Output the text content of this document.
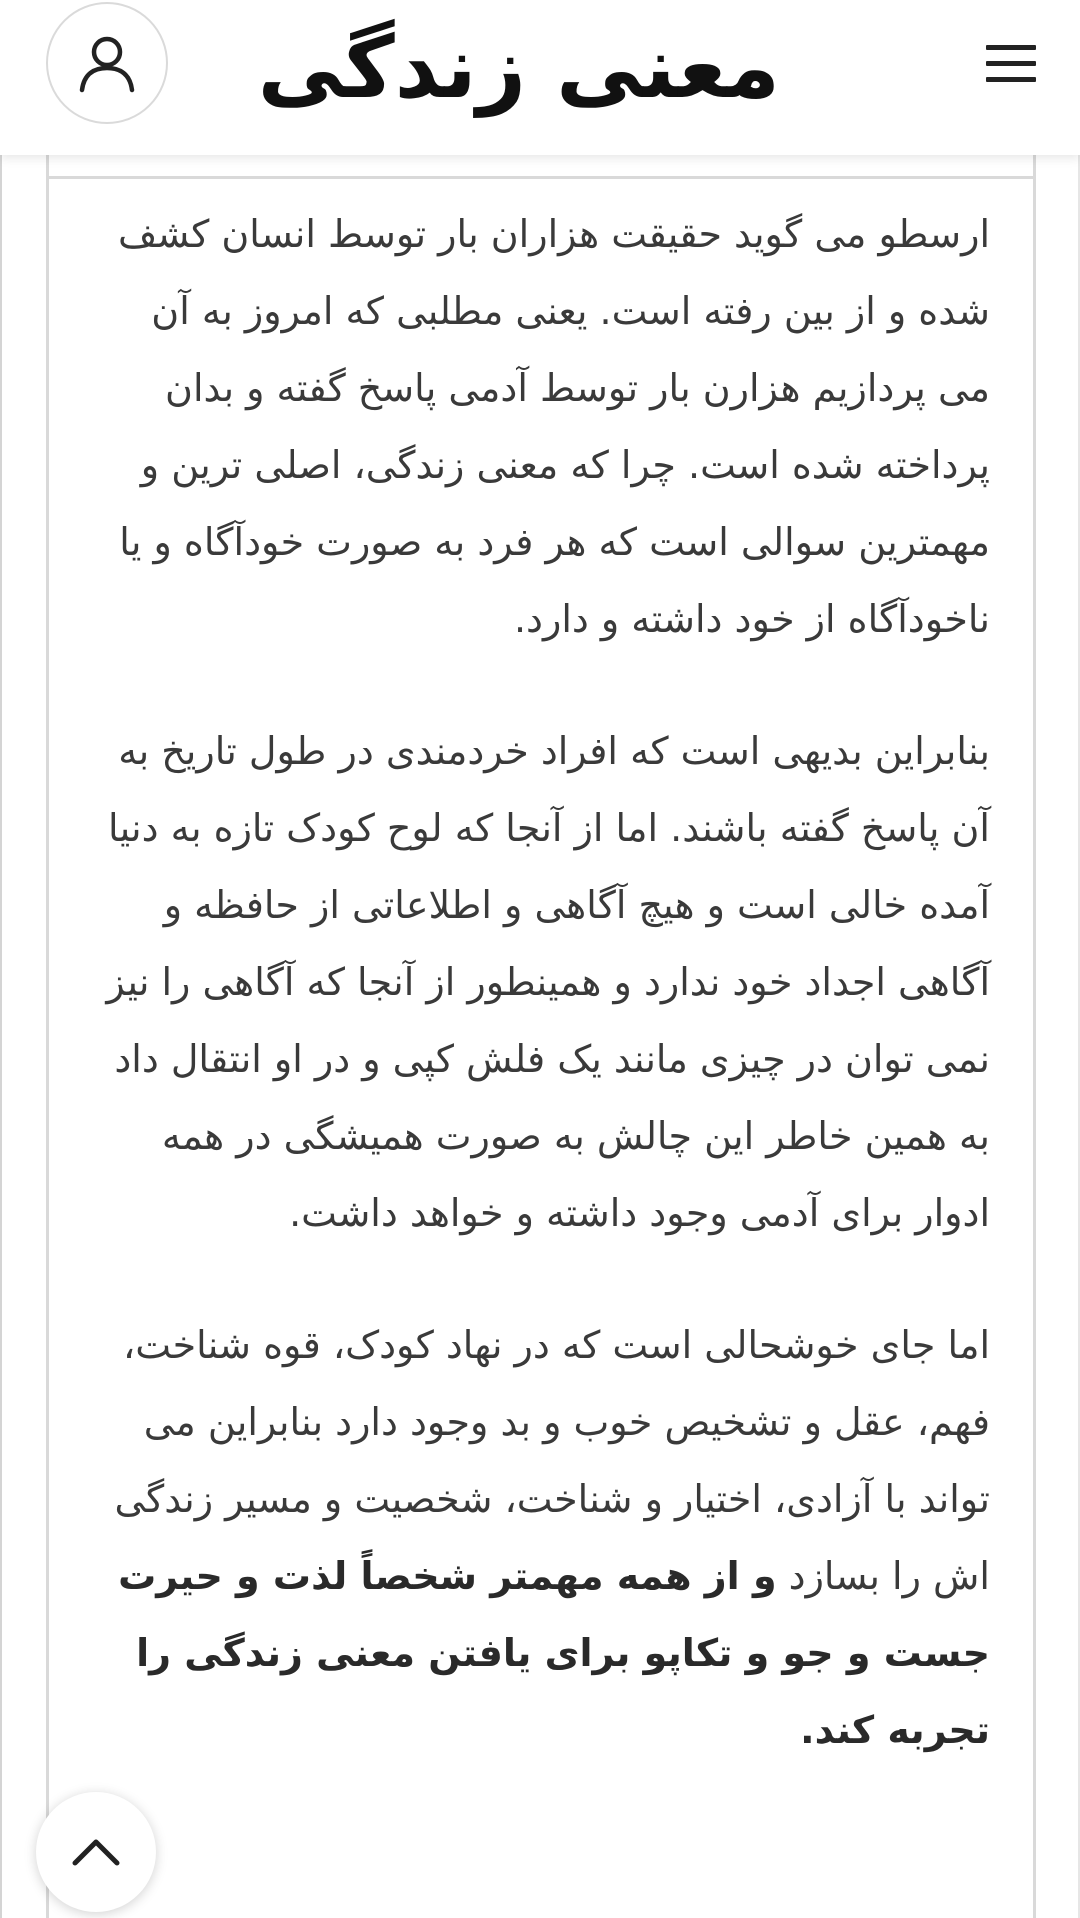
معنی زندگی

ارسطو می گوید حقیقت هزاران بار توسط انسان کشف شده و از بین رفته است. یعنی مطلبی که امروز به آن می پردازیم هزارن بار توسط آدمی پاسخ گفته و بدان پرداخته شده است. چرا که معنی زندگی، اصلی ترین و مهمترین سوالی است که هر فرد به صورت خودآگاه و یا ناخودآگاه از خود داشته و دارد.

بنابراین بدیهی است که افراد خردمندی در طول تاریخ به آن پاسخ گفته باشند. اما از آنجا که لوح کودک تازه به دنیا آمده خالی است و هیچ آگاهی و اطلاعاتی از حافظه و آگاهی اجداد خود ندارد و همینطور از آنجا که آگاهی را نیز نمی توان در چیزی مانند یک فلش کپی و در او انتقال داد به همین خاطر این چالش به صورت همیشگی در همه ادوار برای آدمی وجود داشته و خواهد داشت.

اما جای خوشحالی است که در نهاد کودک، قوه شناخت، فهم، عقل و تشخیص خوب و بد وجود دارد بنابراین می تواند با آزادی، اختیار و شناخت، شخصیت و مسیر زندگی اش را بسازد و از همه مهمتر شخصاً لذت و حیرت جست و جو و تکاپو برای یافتن معنی زندگی را تجربه کند.
